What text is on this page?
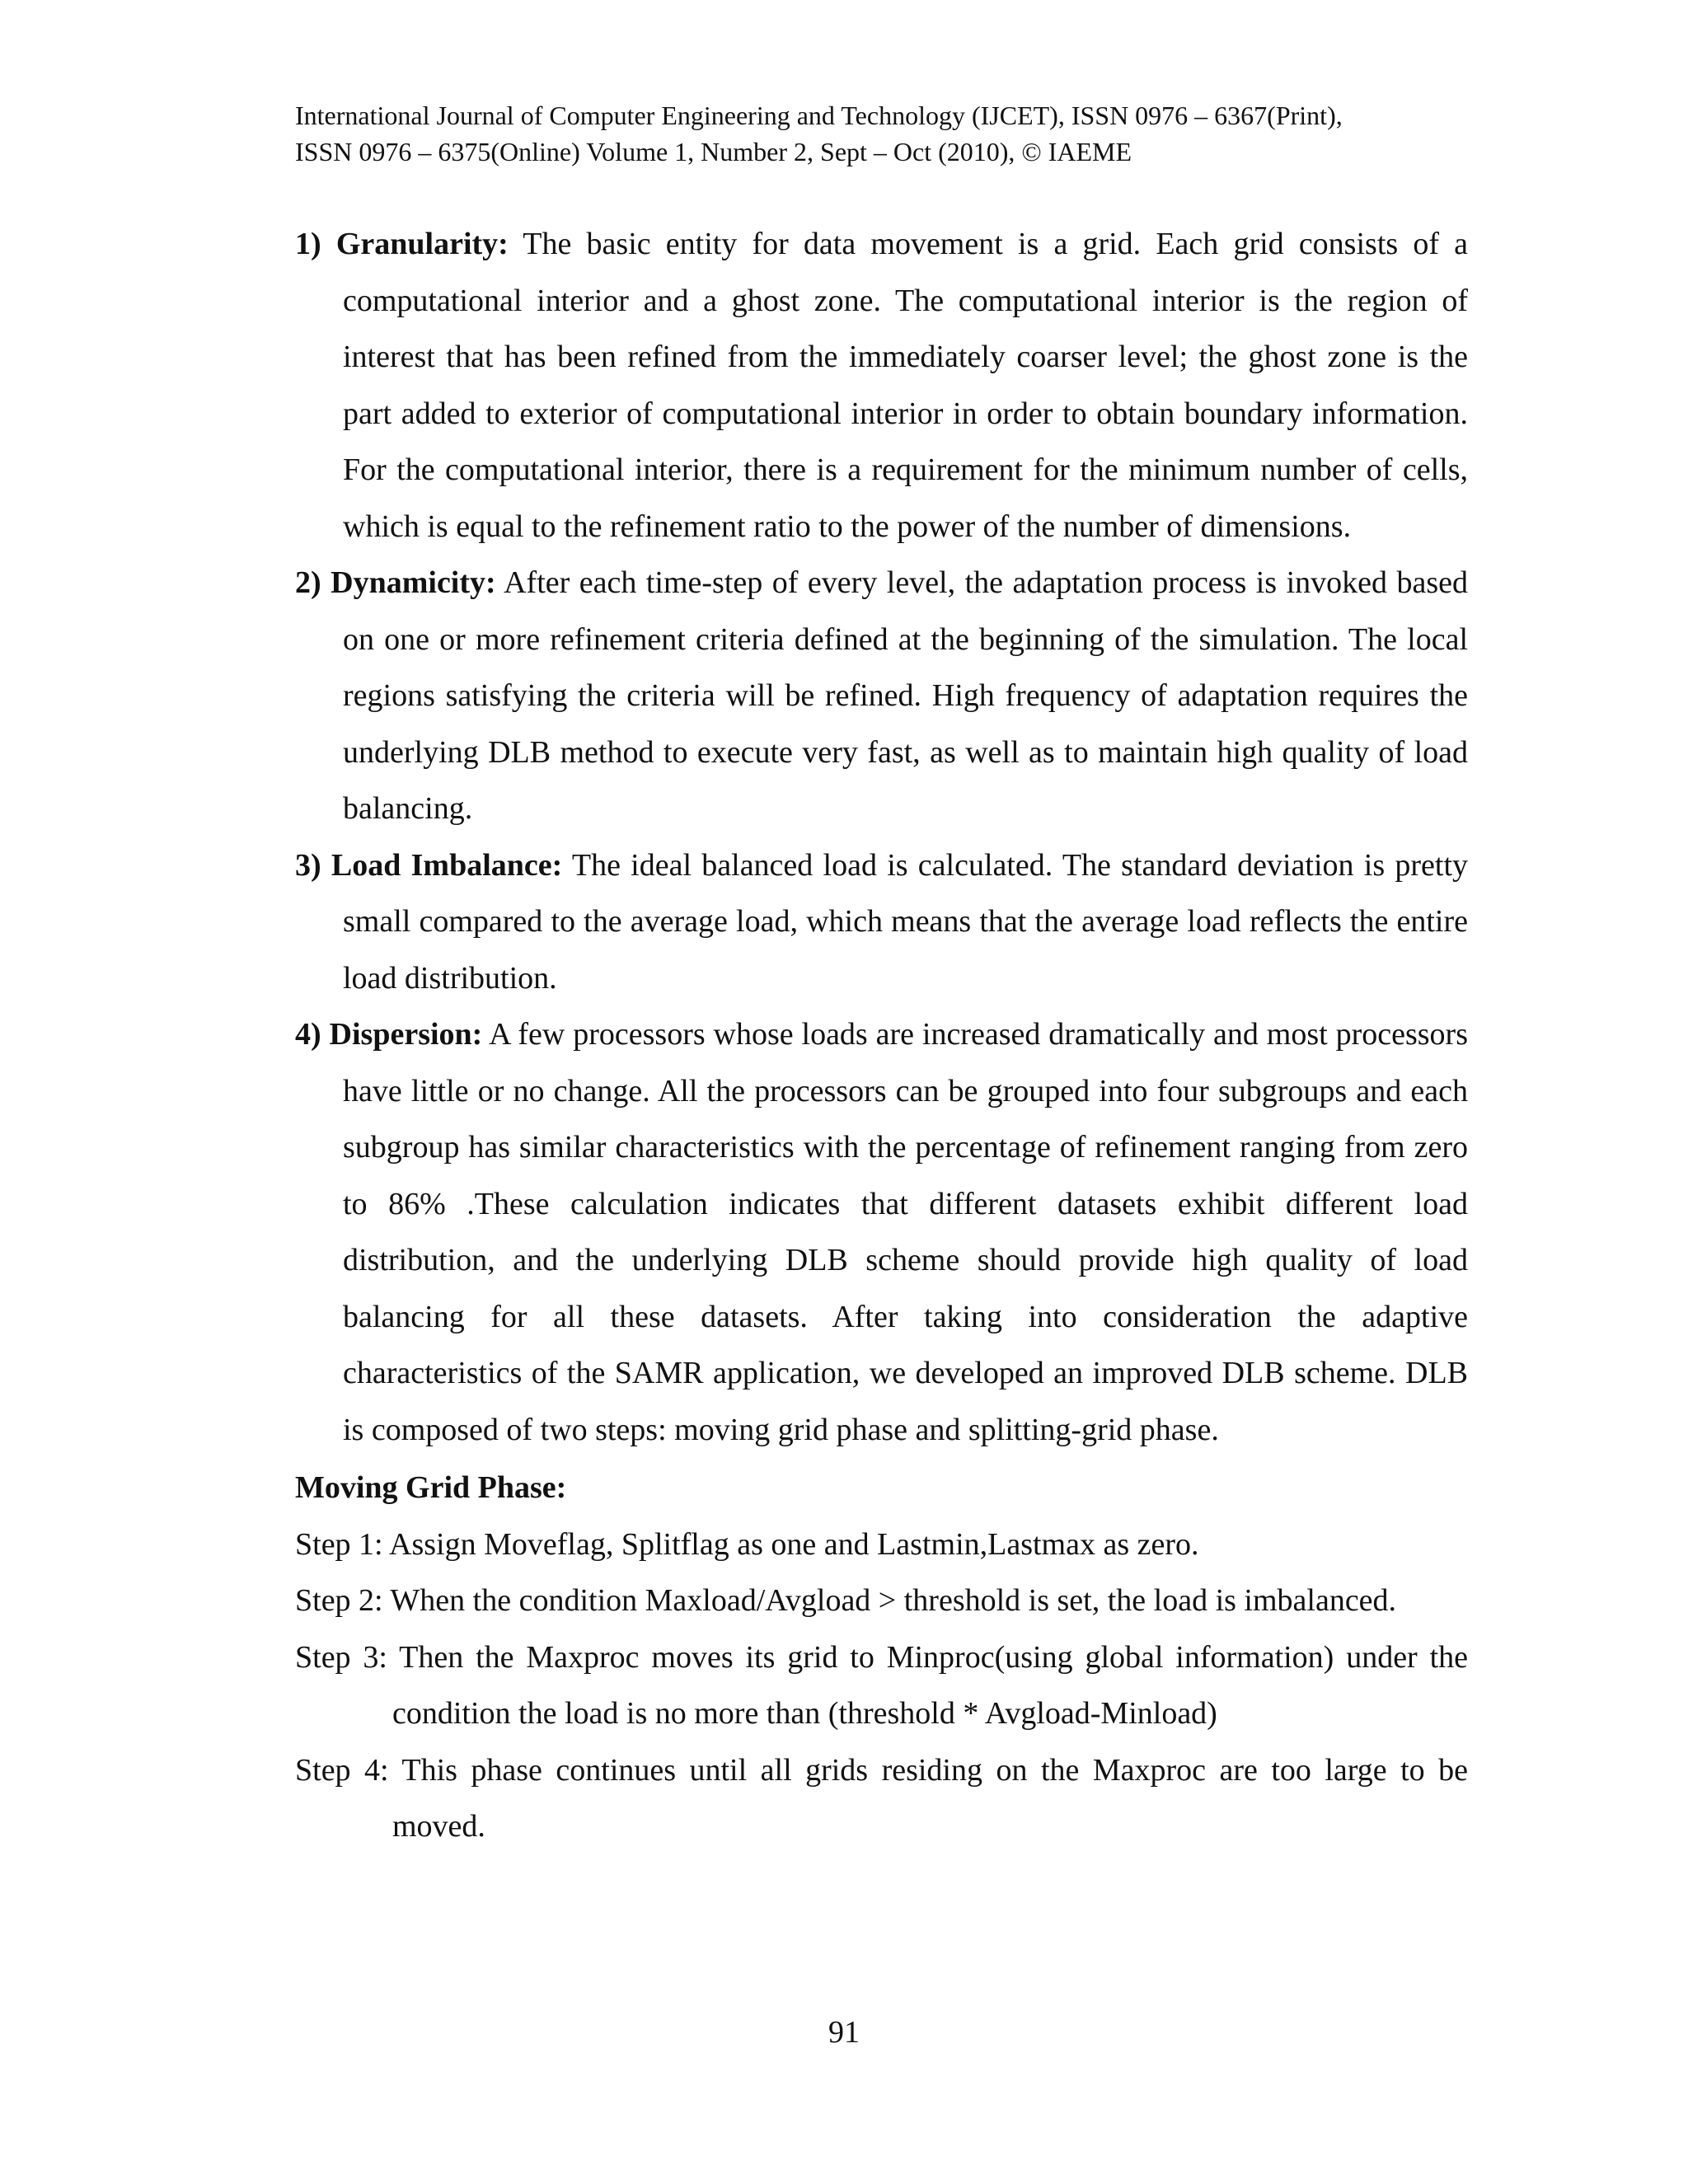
International Journal of Computer Engineering and Technology (IJCET), ISSN 0976 – 6367(Print),
ISSN 0976 – 6375(Online) Volume 1, Number 2, Sept – Oct (2010), © IAEME
1) Granularity: The basic entity for data movement is a grid. Each grid consists of a computational interior and a ghost zone. The computational interior is the region of interest that has been refined from the immediately coarser level; the ghost zone is the part added to exterior of computational interior in order to obtain boundary information. For the computational interior, there is a requirement for the minimum number of cells, which is equal to the refinement ratio to the power of the number of dimensions.
2) Dynamicity: After each time-step of every level, the adaptation process is invoked based on one or more refinement criteria defined at the beginning of the simulation. The local regions satisfying the criteria will be refined. High frequency of adaptation requires the underlying DLB method to execute very fast, as well as to maintain high quality of load balancing.
3) Load Imbalance: The ideal balanced load is calculated. The standard deviation is pretty small compared to the average load, which means that the average load reflects the entire load distribution.
4) Dispersion: A few processors whose loads are increased dramatically and most processors have little or no change. All the processors can be grouped into four subgroups and each subgroup has similar characteristics with the percentage of refinement ranging from zero to 86% .These calculation indicates that different datasets exhibit different load distribution, and the underlying DLB scheme should provide high quality of load balancing for all these datasets. After taking into consideration the adaptive characteristics of the SAMR application, we developed an improved DLB scheme. DLB is composed of two steps: moving grid phase and splitting-grid phase.
Moving Grid Phase:
Step 1: Assign Moveflag, Splitflag as one and Lastmin,Lastmax as zero.
Step 2: When the condition Maxload/Avgload > threshold is set, the load is imbalanced.
Step 3: Then the Maxproc moves its grid to Minproc(using global information) under the condition the load is no more than (threshold * Avgload-Minload)
Step 4: This phase continues until all grids residing on the Maxproc are too large to be moved.
91
